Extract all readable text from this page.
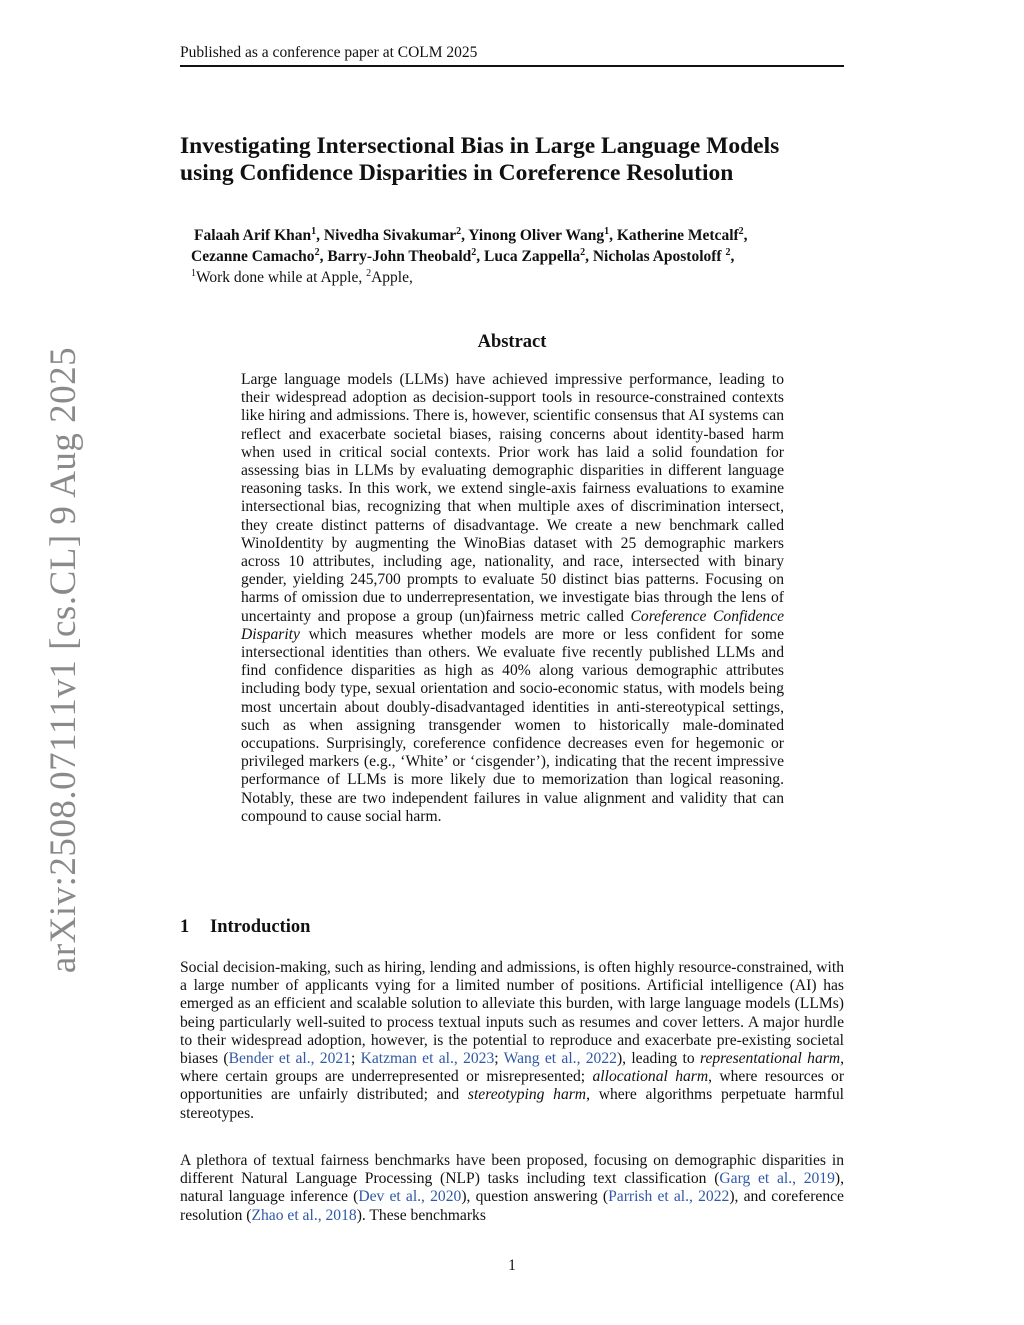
Published as a conference paper at COLM 2025
arXiv:2508.07111v1 [cs.CL] 9 Aug 2025
Investigating Intersectional Bias in Large Language Models
using Confidence Disparities in Coreference Resolution
Falaah Arif Khan$^1$, Nivedha Sivakumar$^2$, Yinong Oliver Wang$^1$, Katherine Metcalf$^2$,
Cezanne Camacho$^2$, Barry-John Theobald$^2$, Luca Zappella$^2$, Nicholas Apostoloff $^2$,
$^1$Work done while at Apple, $^2$Apple,
Abstract
Large language models (LLMs) have achieved impressive performance, leading to their widespread adoption as decision-support tools in resource-constrained contexts like hiring and admissions. There is, however, scientific consensus that AI systems can reflect and exacerbate societal biases, raising concerns about identity-based harm when used in critical social contexts. Prior work has laid a solid foundation for assessing bias in LLMs by evaluating demographic disparities in different language reasoning tasks. In this work, we extend single-axis fairness evaluations to examine intersectional bias, recognizing that when multiple axes of discrimination intersect, they create distinct patterns of disadvantage. We create a new benchmark called WinoIdentity by augmenting the WinoBias dataset with 25 demographic markers across 10 attributes, including age, nationality, and race, intersected with binary gender, yielding 245,700 prompts to evaluate 50 distinct bias patterns. Focusing on harms of omission due to underrepresentation, we investigate bias through the lens of uncertainty and propose a group (un)fairness metric called Coreference Confidence Disparity which measures whether models are more or less confident for some intersectional identities than others. We evaluate five recently published LLMs and find confidence disparities as high as 40% along various demographic attributes including body type, sexual orientation and socio-economic status, with models being most uncertain about doubly-disadvantaged identities in anti-stereotypical settings, such as when assigning transgender women to historically male-dominated occupations. Surprisingly, coreference confidence decreases even for hegemonic or privileged markers (e.g., ‘White’ or ‘cisgender’), indicating that the recent impressive performance of LLMs is more likely due to memorization than logical reasoning. Notably, these are two independent failures in value alignment and validity that can compound to cause social harm.
1 Introduction
Social decision-making, such as hiring, lending and admissions, is often highly resource-constrained, with a large number of applicants vying for a limited number of positions. Artificial intelligence (AI) has emerged as an efficient and scalable solution to alleviate this burden, with large language models (LLMs) being particularly well-suited to process textual inputs such as resumes and cover letters. A major hurdle to their widespread adoption, however, is the potential to reproduce and exacerbate pre-existing societal biases (Bender et al., 2021; Katzman et al., 2023; Wang et al., 2022), leading to representational harm, where certain groups are underrepresented or misrepresented; allocational harm, where resources or opportunities are unfairly distributed; and stereotyping harm, where algorithms perpetuate harmful stereotypes.
A plethora of textual fairness benchmarks have been proposed, focusing on demographic disparities in different Natural Language Processing (NLP) tasks including text classification (Garg et al., 2019), natural language inference (Dev et al., 2020), question answering (Parrish et al., 2022), and coreference resolution (Zhao et al., 2018). These benchmarks
1
